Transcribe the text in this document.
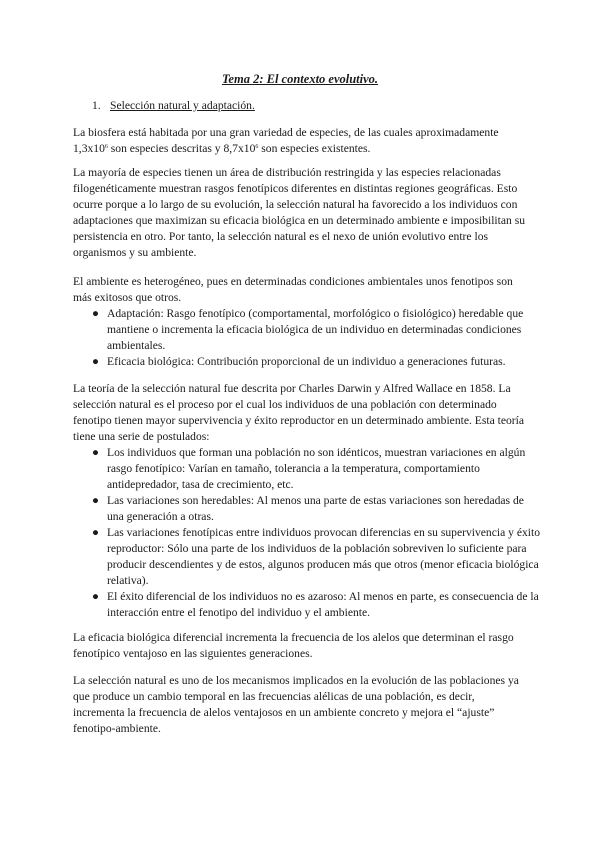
Tema 2: El contexto evolutivo.
1. Selección natural y adaptación.
La biosfera está habitada por una gran variedad de especies, de las cuales aproximadamente
$1,3x10^6$ son especies descritas y $8,7x10^6$ son especies existentes.

La mayoría de especies tienen un área de distribución restringida y las especies relacionadas filogenéticamente muestran rasgos fenotípicos diferentes en distintas regiones geográficas. Esto ocurre porque a lo largo de su evolución, la selección natural ha favorecido a los individuos con adaptaciones que maximizan su eficacia biológica en un determinado ambiente e imposibilitan su persistencia en otro. Por tanto, la selección natural es el nexo de unión evolutivo entre los organismos y su ambiente.

El ambiente es heterogéneo, pues en determinadas condiciones ambientales unos fenotipos son más exitosos que otros.

● Adaptación: Rasgo fenotípico (comportamental, morfológico o fisiológico) heredable que mantiene o incrementa la eficacia biológica de un individuo en determinadas condiciones ambientales.
● Eficacia biológica: Contribución proporcional de un individuo a generaciones futuras.

La teoría de la selección natural fue descrita por Charles Darwin y Alfred Wallace en 1858. La selección natural es el proceso por el cual los individuos de una población con determinado fenotipo tienen mayor supervivencia y éxito reproductor en un determinado ambiente. Esta teoría tiene una serie de postulados:

● Los individuos que forman una población no son idénticos, muestran variaciones en algún rasgo fenotípico: Varían en tamaño, tolerancia a la temperatura, comportamiento antidepredador, tasa de crecimiento, etc.
● Las variaciones son heredables: Al menos una parte de estas variaciones son heredadas de una generación a otras.
● Las variaciones fenotípicas entre individuos provocan diferencias en su supervivencia y éxito reproductor: Sólo una parte de los individuos de la población sobreviven lo suficiente para producir descendientes y de estos, algunos producen más que otros (menor eficacia biológica relativa).
● El éxito diferencial de los individuos no es azaroso: Al menos en parte, es consecuencia de la interacción entre el fenotipo del individuo y el ambiente.

La eficacia biológica diferencial incrementa la frecuencia de los alelos que determinan el rasgo fenotípico ventajoso en las siguientes generaciones.

La selección natural es uno de los mecanismos implicados en la evolución de las poblaciones ya que produce un cambio temporal en las frecuencias alélicas de una población, es decir, incrementa la frecuencia de alelos ventajosos en un ambiente concreto y mejora el “ajuste” fenotipo-ambiente.
